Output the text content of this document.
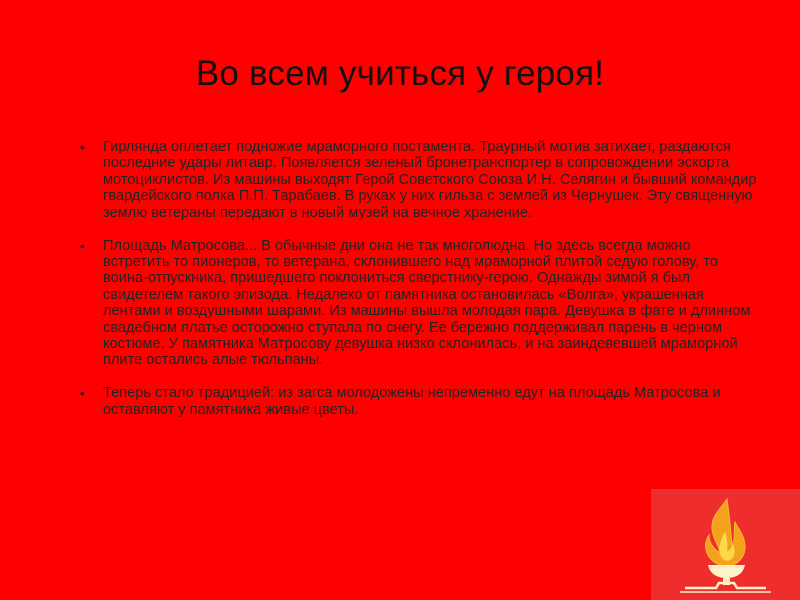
Во всем учиться у героя!
• Гирлянда оплетает подножие мраморного постамента. Траурный мотив затихает, раздаются последние удары литавр. Появляется зеленый бронетранспортер в сопровождении эскорта мотоциклистов. Из машины выходят Герой Советского Союза И.Н. Селягин и бывший командир гвардейского полка П.П. Тарабаев. В руках у них гильза с землей из Чернушек. Эту священную землю ветераны передают в новый музей на вечное хранение.
• Площадь Матросова... В обычные дни она не так многолюдна. Но здесь всегда можно встретить то пионеров, то ветерана, склонившего над мраморной плитой седую голову, то воина-отпускника, пришедшего поклониться сверстнику-герою. Однажды зимой я был свидетелем такого эпизода. Недалеко от памятника остановилась «Волга», украшенная лентами и воздушными шарами. Из машины вышла молодая пара. Девушка в фате и длинном свадебном платье осторожно ступала по снегу. Ее бережно поддерживал парень в черном костюме. У памятника Матросову девушка низко склонилась, и на заиндевевшей мраморной плите остались алые тюльпаны.
• Теперь стало традицией: из загса молодожены непременно едут на площадь Матросова и оставляют у памятника живые цветы.
